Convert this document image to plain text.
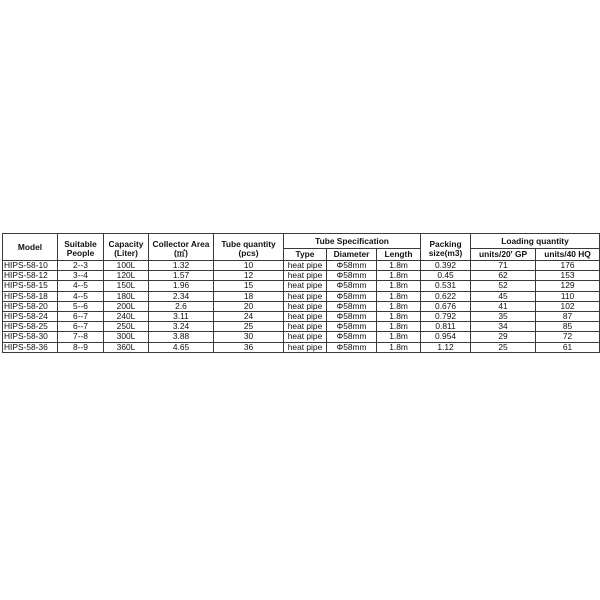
Model	Suitable	Capacity	Collector Area	Tube quantity	Tube Specification			Packing	Loading quantity	
	People	(Liter)	(㎡)	(pcs)	Type	Diameter	Length	size(m3)	units/20' GP	units/40 HQ
HIPS-58-10	2--3	100L	1.32	10	heat pipe	Φ58mm	1.8m	0.392	71	176
HIPS-58-12	3--4	120L	1.57	12	heat pipe	Φ58mm	1.8m	0.45	62	153
HIPS-58-15	4--5	150L	1.96	15	heat pipe	Φ58mm	1.8m	0.531	52	129
HIPS-58-18	4--5	180L	2.34	18	heat pipe	Φ58mm	1.8m	0.622	45	110
HIPS-58-20	5--6	200L	2.6	20	heat pipe	Φ58mm	1.8m	0.676	41	102
HIPS-58-24	6--7	240L	3.11	24	heat pipe	Φ58mm	1.8m	0.792	35	87
HIPS-58-25	6--7	250L	3.24	25	heat pipe	Φ58mm	1.8m	0.811	34	85
HIPS-58-30	7--8	300L	3.88	30	heat pipe	Φ58mm	1.8m	0.954	29	72
HIPS-58-36	8--9	360L	4.65	36	heat pipe	Φ58mm	1.8m	1.12	25	61
